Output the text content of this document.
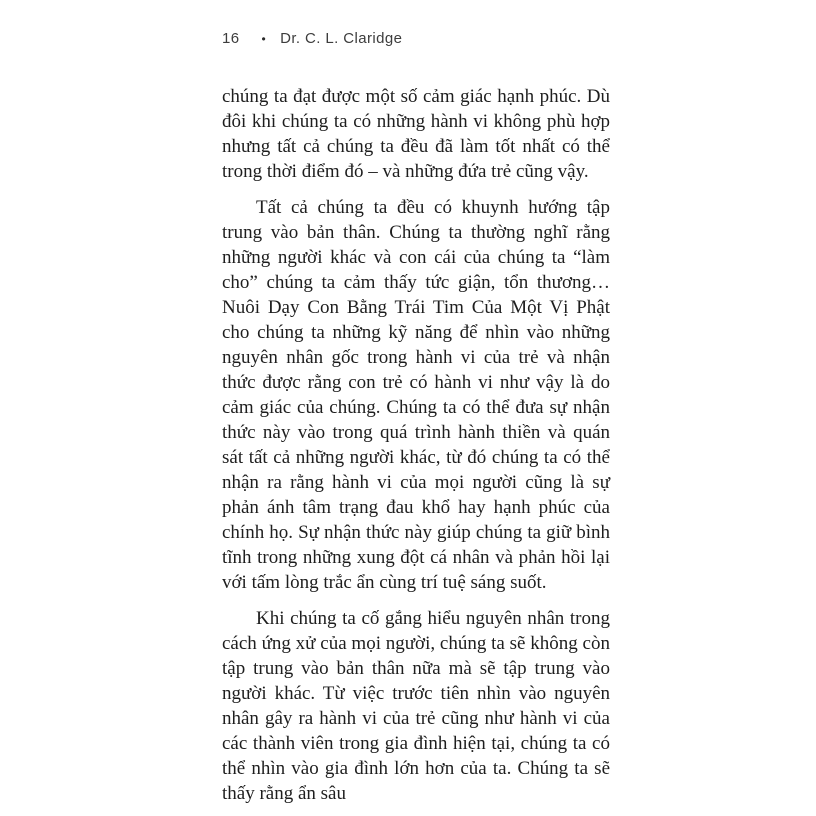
16 • Dr. C. L. Claridge

chúng ta đạt được một số cảm giác hạnh phúc. Dù đôi khi chúng ta có những hành vi không phù hợp nhưng tất cả chúng ta đều đã làm tốt nhất có thể trong thời điểm đó – và những đứa trẻ cũng vậy.

Tất cả chúng ta đều có khuynh hướng tập trung vào bản thân. Chúng ta thường nghĩ rằng những người khác và con cái của chúng ta “làm cho” chúng ta cảm thấy tức giận, tổn thương… Nuôi Dạy Con Bằng Trái Tim Của Một Vị Phật cho chúng ta những kỹ năng để nhìn vào những nguyên nhân gốc trong hành vi của trẻ và nhận thức được rằng con trẻ có hành vi như vậy là do cảm giác của chúng. Chúng ta có thể đưa sự nhận thức này vào trong quá trình hành thiền và quán sát tất cả những người khác, từ đó chúng ta có thể nhận ra rằng hành vi của mọi người cũng là sự phản ánh tâm trạng đau khổ hay hạnh phúc của chính họ. Sự nhận thức này giúp chúng ta giữ bình tĩnh trong những xung đột cá nhân và phản hồi lại với tấm lòng trắc ẩn cùng trí tuệ sáng suốt.

Khi chúng ta cố gắng hiểu nguyên nhân trong cách ứng xử của mọi người, chúng ta sẽ không còn tập trung vào bản thân nữa mà sẽ tập trung vào người khác. Từ việc trước tiên nhìn vào nguyên nhân gây ra hành vi của trẻ cũng như hành vi của các thành viên trong gia đình hiện tại, chúng ta có thể nhìn vào gia đình lớn hơn của ta. Chúng ta sẽ thấy rằng ẩn sâu
